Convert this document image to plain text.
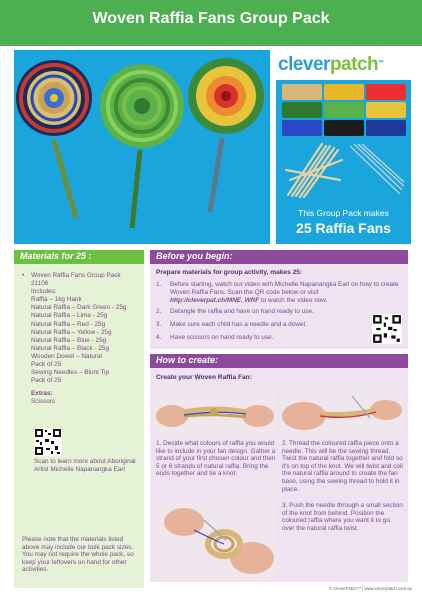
Woven Raffia Fans Group Pack
cleverpatch™
This Group Pack makes
25 Raffia Fans
Materials for 25 :
•	Woven Raffia Fans Group Pack
21106
Includes:
Raffia – 1kg Hank
Natural Raffia – Dark Green - 25g
Natural Raffia – Lime - 25g
Natural Raffia – Red - 25g
Natural Raffia – Yellow - 25g
Natural Raffia – Blue - 25g
Natural Raffia – Black - 25g
Wooden Dowel – Natural
Pack of 25
Sewing Needles – Blunt Tip
Pack of 25
Extras:
Scissors
Scan to learn more about Aboriginal Artist Michelle Napanangka Earl
Please note that the materials listed above may include our bulk pack sizes. You may not require the whole pack, so keep your leftovers on hand for other activities.
Before you begin:
Prepare materials for group activity, makes 25:
1.	Before starting, watch our video with Michelle Napanangka Earl on how to create Woven Raffia Fans. Scan the QR code below or visit http://cleverpat.ch/MNE_WRF to watch the video now.
2.	Detangle the raffia and have on hand ready to use.
3.	Make sure each child has a needle and a dowel.
4.	Have scissors on hand ready to use.
How to create:
Create your Woven Raffia Fan:
1. Decide what colours of raffia you would like to include in your fan design. Gather a strand of your first chosen colour and then 5 or 6 strands of natural raffia. Bring the ends together and tie a knot.
2. Thread the coloured raffia piece onto a needle. This will be the sewing thread. Twist the natural raffia together and fold so it's on top of the knot. We will twist and coil the natural raffia around to create the fan base, using the sewing thread to hold it in place.
3. Push the needle through a small section of the knot from behind. Position the coloured raffia where you want it to go over the natural raffia twist.
© CleverPatch™ | www.cleverpatch.com.au
